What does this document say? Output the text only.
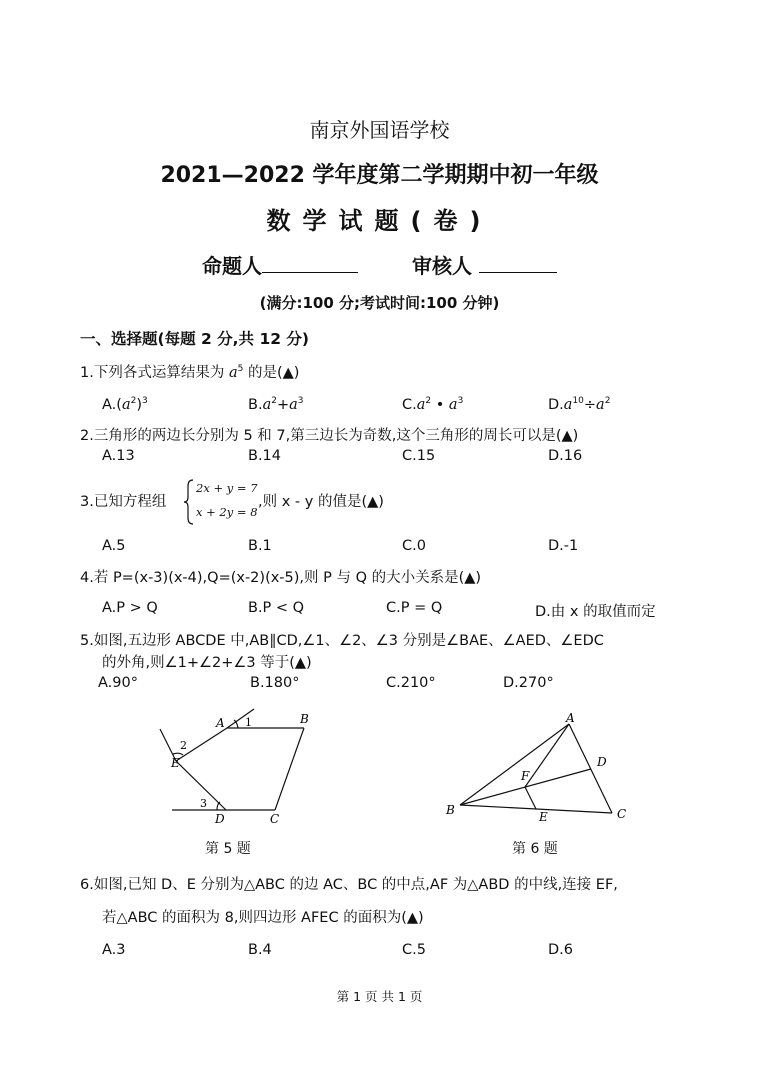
南京外国语学校
2021—2022 学年度第二学期期中初一年级
数学试题(卷)
命题人	审核人
(满分:100 分;考试时间:100 分钟)
一、选择题(每题 2 分,共 12 分)
1.下列各式运算结果为 $a^5$ 的是(▲)
$A.(a^2)^3$	$B.a^2+a^3$	$C.a^2$ • $a^3$	$D.a^{10}\div a^2$
2.三角形的两边长分别为 5 和 7,第三边长为奇数,这个三角形的周长可以是(▲)
A.13	B.14	C.15	D.16
3.已知方程组
2x + y = 7
x + 2y = 8
,则 x - y 的值是(▲)
A.5	B.1	C.0	D.-1
4.若 P=(x-3)(x-4),Q=(x-2)(x-5),则 P 与 Q 的大小关系是(▲)
A.P > Q	B.P < Q	C.P = Q	D.由 x 的取值而定
5.如图,五边形 ABCDE 中,AB∥CD,∠1、∠2、∠3 分别是∠BAE、∠AED、∠EDC
的外角,则∠1+∠2+∠3 等于(▲)
A.90°	B.180°	C.210°	D.270°
A	B
C
D
E
1
2
3
第 5 题
A
B	C
D
E
F
第 6 题
6.如图,已知 D、E 分别为△ABC 的边 AC、BC 的中点,AF 为△ABD 的中线,连接 EF,
若△ABC 的面积为 8,则四边形 AFEC 的面积为(▲)
A.3	B.4	C.5	D.6
第 1 页 共 1 页
